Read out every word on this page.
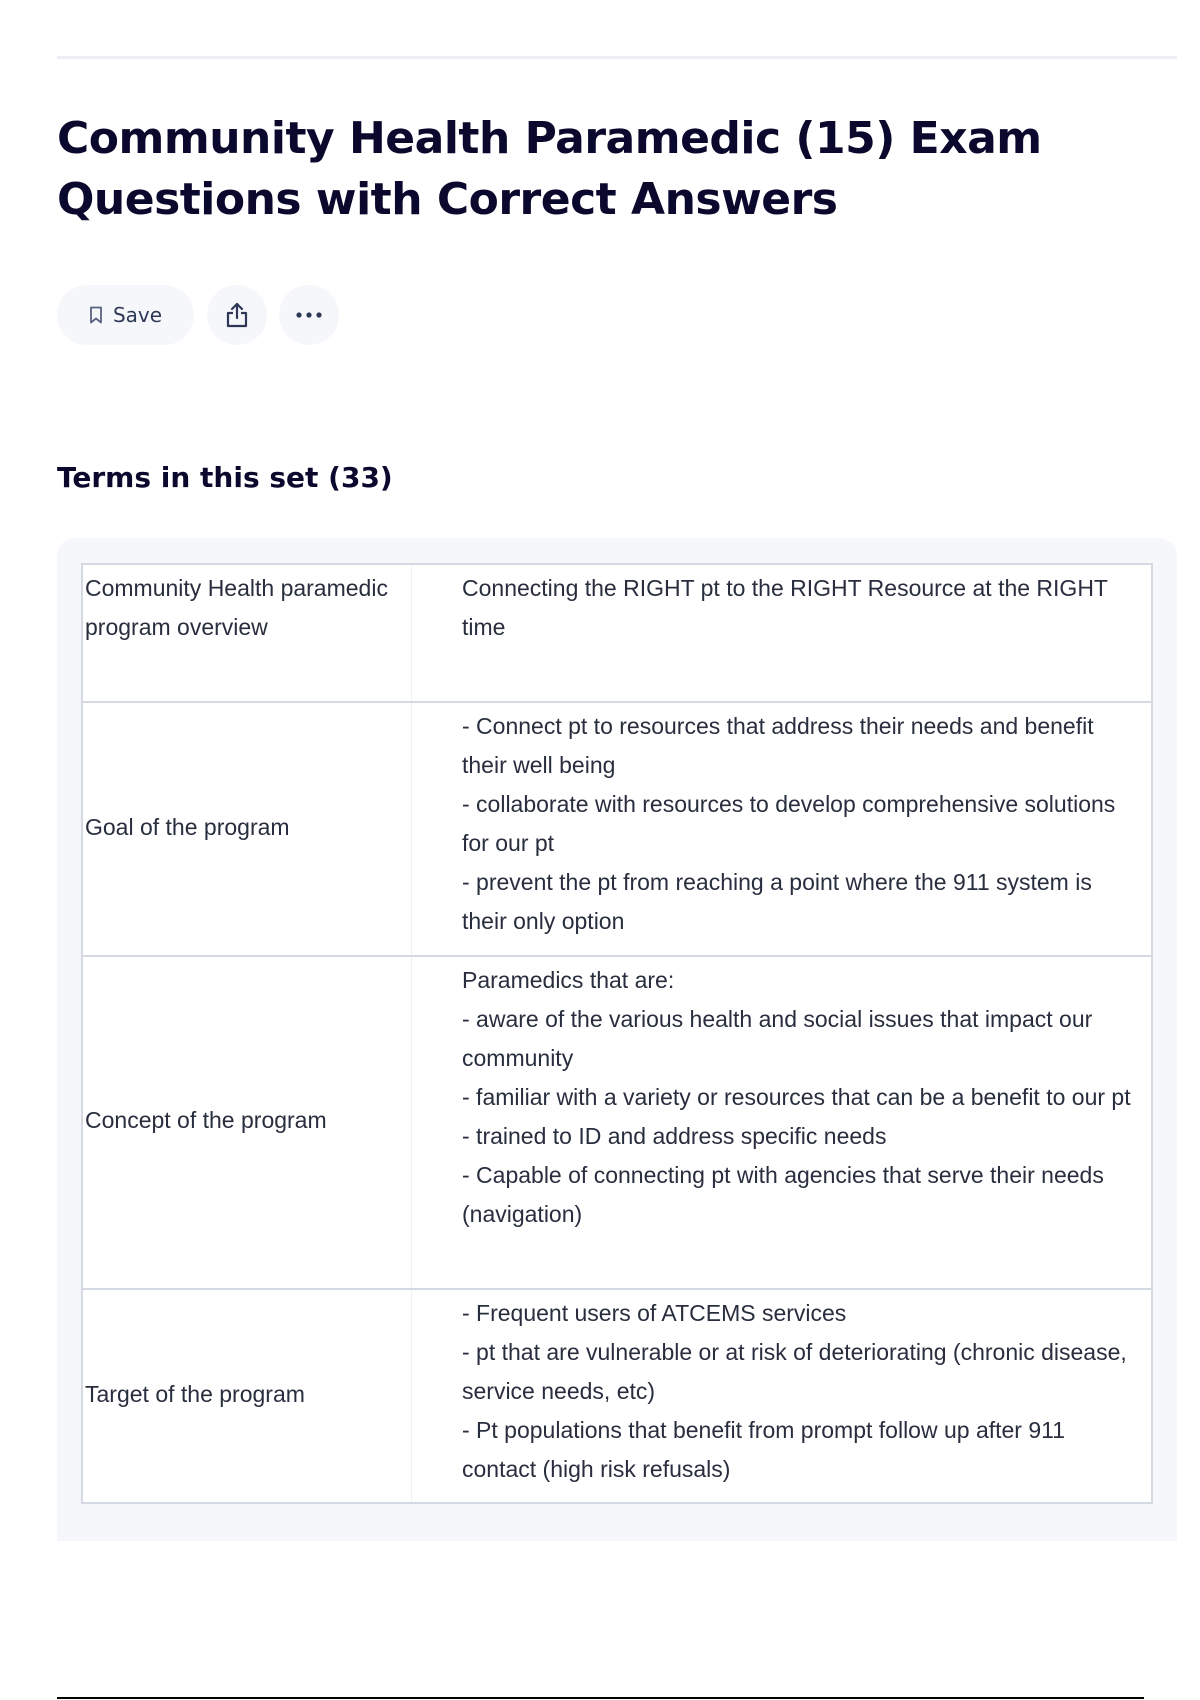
Community Health Paramedic (15) Exam Questions with Correct Answers
Save
Terms in this set (33)
Community Health paramedic program overview	Connecting the RIGHT pt to the RIGHT Resource at the RIGHT time
Goal of the program	- Connect pt to resources that address their needs and benefit their well being
- collaborate with resources to develop comprehensive solutions for our pt
- prevent the pt from reaching a point where the 911 system is their only option
Concept of the program	Paramedics that are:
- aware of the various health and social issues that impact our community
- familiar with a variety or resources that can be a benefit to our pt
- trained to ID and address specific needs
- Capable of connecting pt with agencies that serve their needs (navigation)
Target of the program	- Frequent users of ATCEMS services
- pt that are vulnerable or at risk of deteriorating (chronic disease, service needs, etc)
- Pt populations that benefit from prompt follow up after 911 contact (high risk refusals)
